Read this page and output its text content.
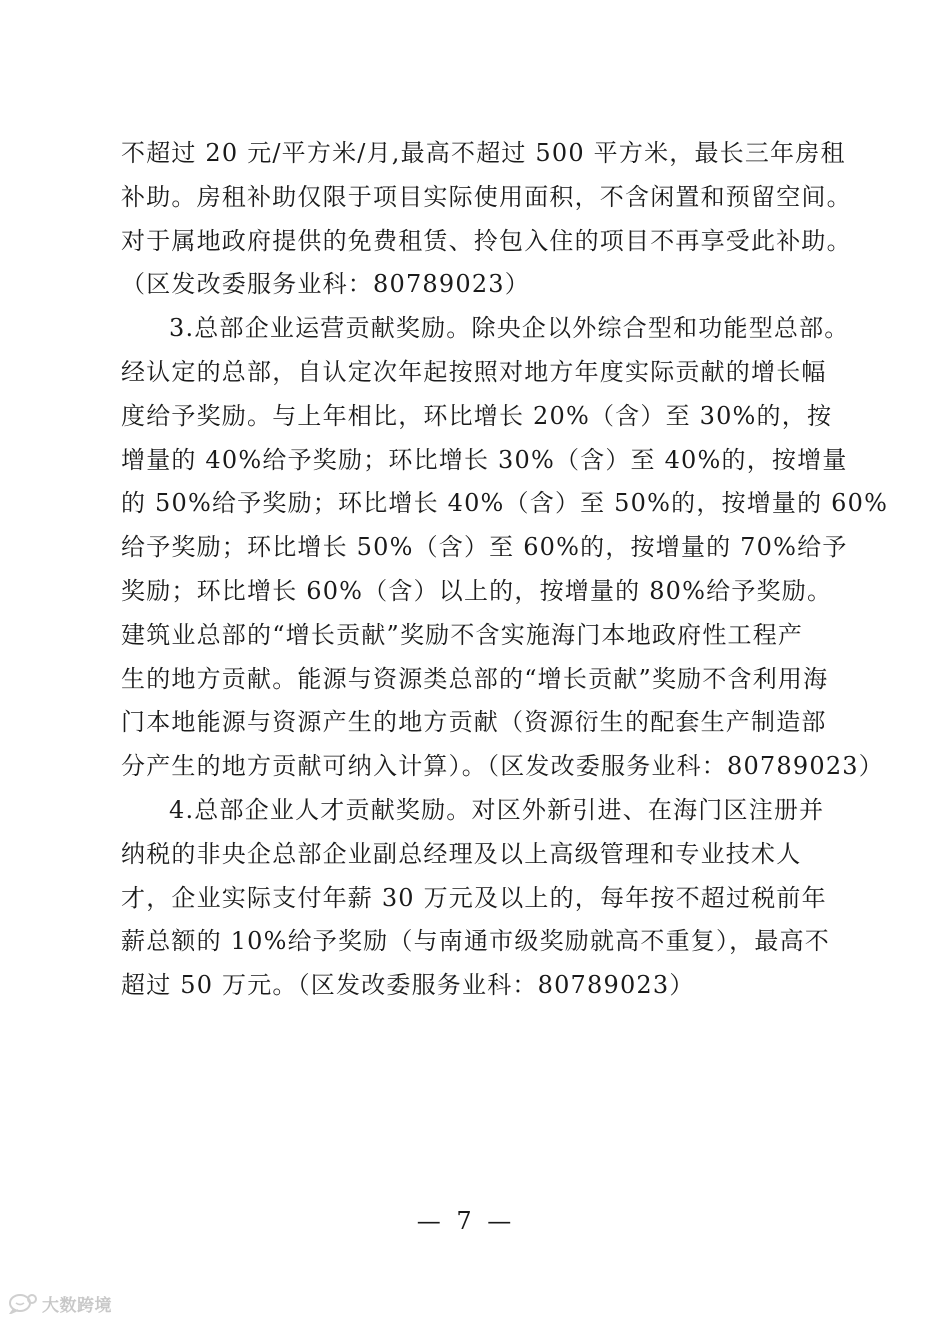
不超过 20 元/平方米/月,最高不超过 500 平方米，最长三年房租
补助。房租补助仅限于项目实际使用面积，不含闲置和预留空间。
对于属地政府提供的免费租赁、拎包入住的项目不再享受此补助。
（区发改委服务业科：80789023）
3.总部企业运营贡献奖励。除央企以外综合型和功能型总部。
经认定的总部，自认定次年起按照对地方年度实际贡献的增长幅
度给予奖励。与上年相比，环比增长 20%（含）至 30%的，按
增量的 40%给予奖励；环比增长 30%（含）至 40%的，按增量
的 50%给予奖励；环比增长 40%（含）至 50%的，按增量的 60%
给予奖励；环比增长 50%（含）至 60%的，按增量的 70%给予
奖励；环比增长 60%（含）以上的，按增量的 80%给予奖励。
建筑业总部的“增长贡献”奖励不含实施海门本地政府性工程产
生的地方贡献。能源与资源类总部的“增长贡献”奖励不含利用海
门本地能源与资源产生的地方贡献（资源衍生的配套生产制造部
分产生的地方贡献可纳入计算）。（区发改委服务业科：80789023）
4.总部企业人才贡献奖励。对区外新引进、在海门区注册并
纳税的非央企总部企业副总经理及以上高级管理和专业技术人
才，企业实际支付年薪 30 万元及以上的，每年按不超过税前年
薪总额的 10%给予奖励（与南通市级奖励就高不重复），最高不
超过 50 万元。（区发改委服务业科：80789023）
— 7 —
大数跨境
